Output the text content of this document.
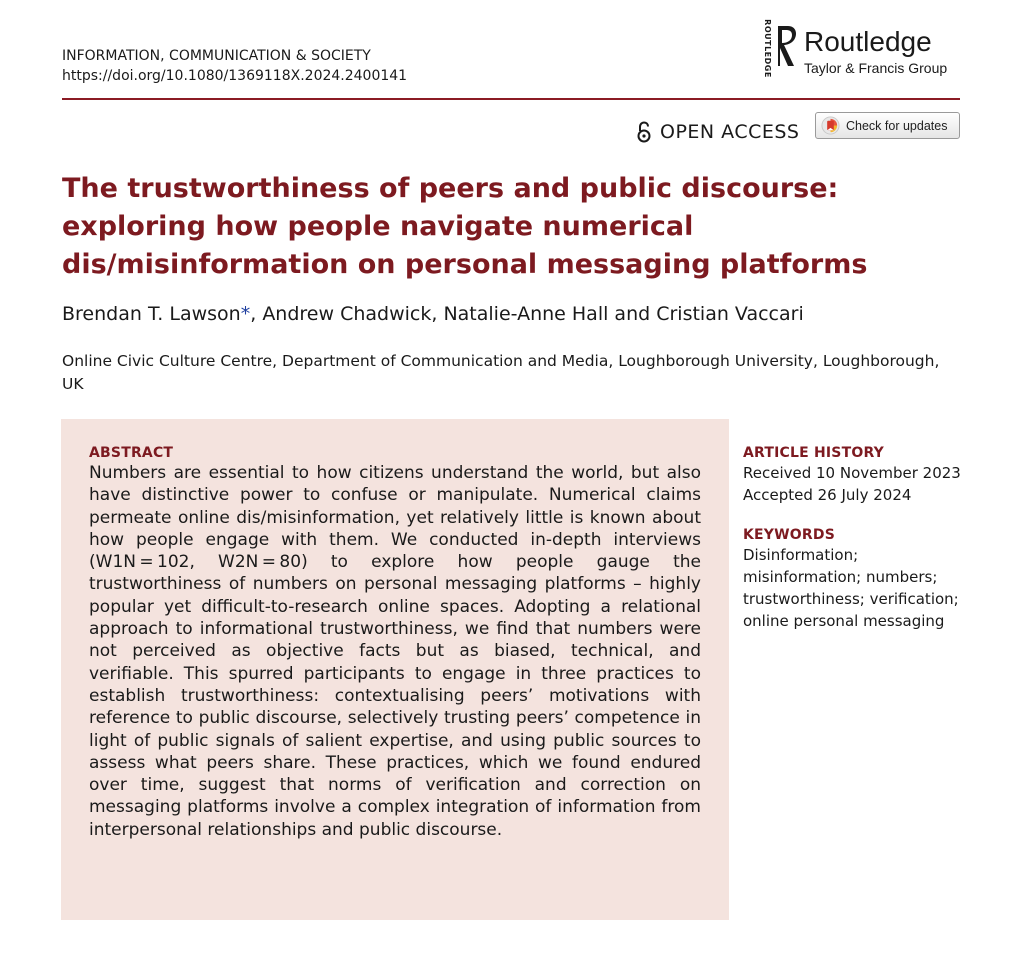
INFORMATION, COMMUNICATION & SOCIETY
https://doi.org/10.1080/1369118X.2024.2400141	ROUTLEDGE Routledge
Taylor & Francis Group
OPEN ACCESS	Check for updates
The trustworthiness of peers and public discourse: exploring how people navigate numerical dis/misinformation on personal messaging platforms
Brendan T. Lawson*, Andrew Chadwick, Natalie-Anne Hall and Cristian Vaccari
Online Civic Culture Centre, Department of Communication and Media, Loughborough University, Loughborough, UK
ABSTRACT

Numbers are essential to how citizens understand the world, but also have distinctive power to confuse or manipulate. Numerical claims permeate online dis/misinformation, yet relatively little is known about how people engage with them. We conducted in-depth interviews (W1N = 102, W2N = 80) to explore how people gauge the trustworthiness of numbers on personal messaging platforms – highly popular yet difficult-to-research online spaces. Adopting a relational approach to informational trustworthiness, we find that numbers were not perceived as objective facts but as biased, technical, and verifiable. This spurred participants to engage in three practices to establish trustworthiness: contextualising peers’ motivations with reference to public discourse, selectively trusting peers’ competence in light of public signals of salient expertise, and using public sources to assess what peers share. These practices, which we found endured over time, suggest that norms of verification and correction on messaging platforms involve a complex integration of information from interpersonal relationships and public discourse.

ARTICLE HISTORY
Received 10 November 2023
Accepted 26 July 2024
KEYWORDS
Disinformation; misinformation; numbers; trustworthiness; verification; online personal messaging
